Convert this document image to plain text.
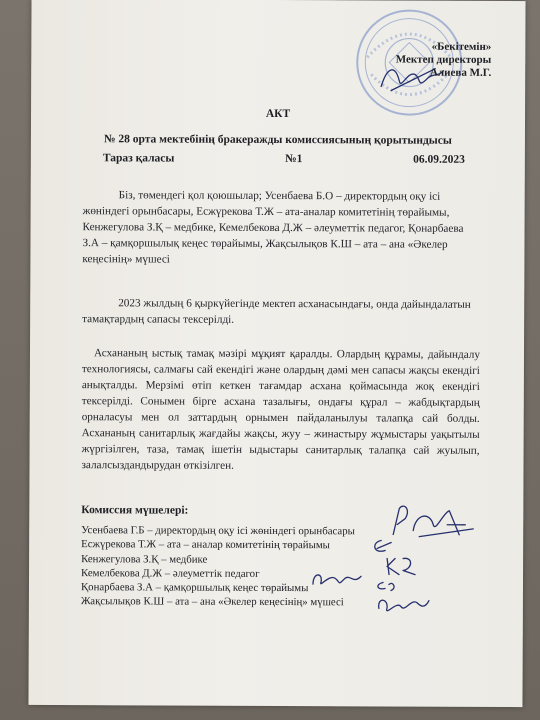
«Бекітемін»
Мектеп директоры
Алиева М.Г.
АКТ
№ 28 орта мектебінің бракеражды комиссиясының қорытындысы
Тараз қаласы	№1	06.09.2023
Біз, төмендегі қол қоюшылар; Усенбаева Б.О – директордың оқу ісі жөніндегі орынбасары, Есжүрекова Т.Ж – ата-аналар комитетінің төрайымы, Кенжегулова З.Қ – медбике, Кемелбекова Д.Ж – әлеуметтік педагог, Қонарбаева З.А – қамқоршылық кеңес төрайымы, Жақсылықов К.Ш – ата – ана «Әкелер кеңесінің» мүшесі
2023 жылдың 6 қыркүйегінде мектеп асханасындағы, онда дайындалатын тамақтардың сапасы тексерілді.
Асхананың ыстық тамақ мәзірі мұқият қаралды. Олардың құрамы, дайындалу технологиясы, салмағы сай екендігі және олардың дәмі мен сапасы жақсы екендігі анықталды. Мерзімі өтіп кеткен тағамдар асхана қоймасында жоқ екендігі тексерілді. Сонымен бірге асхана тазалығы, ондағы құрал – жабдықтардың орналасуы мен ол заттардың орнымен пайдаланылуы талапқа сай болды. Асхананың санитарлық жағдайы жақсы, жуу – жинастыру жұмыстары уақытылы жүргізілген, таза, тамақ ішетін ыдыстары санитарлық талапқа сай жуылып, залалсыздандырудан өткізілген.
Комиссия мүшелері:
Усенбаева Г.Б – директордың оқу ісі жөніндегі орынбасары
Есжүрекова Т.Ж – ата – аналар комитетінің төрайымы
Кенжегулова З.Қ – медбике
Кемелбекова Д.Ж – әлеуметтік педагог
Қонарбаева З.А – қамқоршылық кеңес төрайымы
Жақсылықов К.Ш – ата – ана «Әкелер кеңесінің» мүшесі
